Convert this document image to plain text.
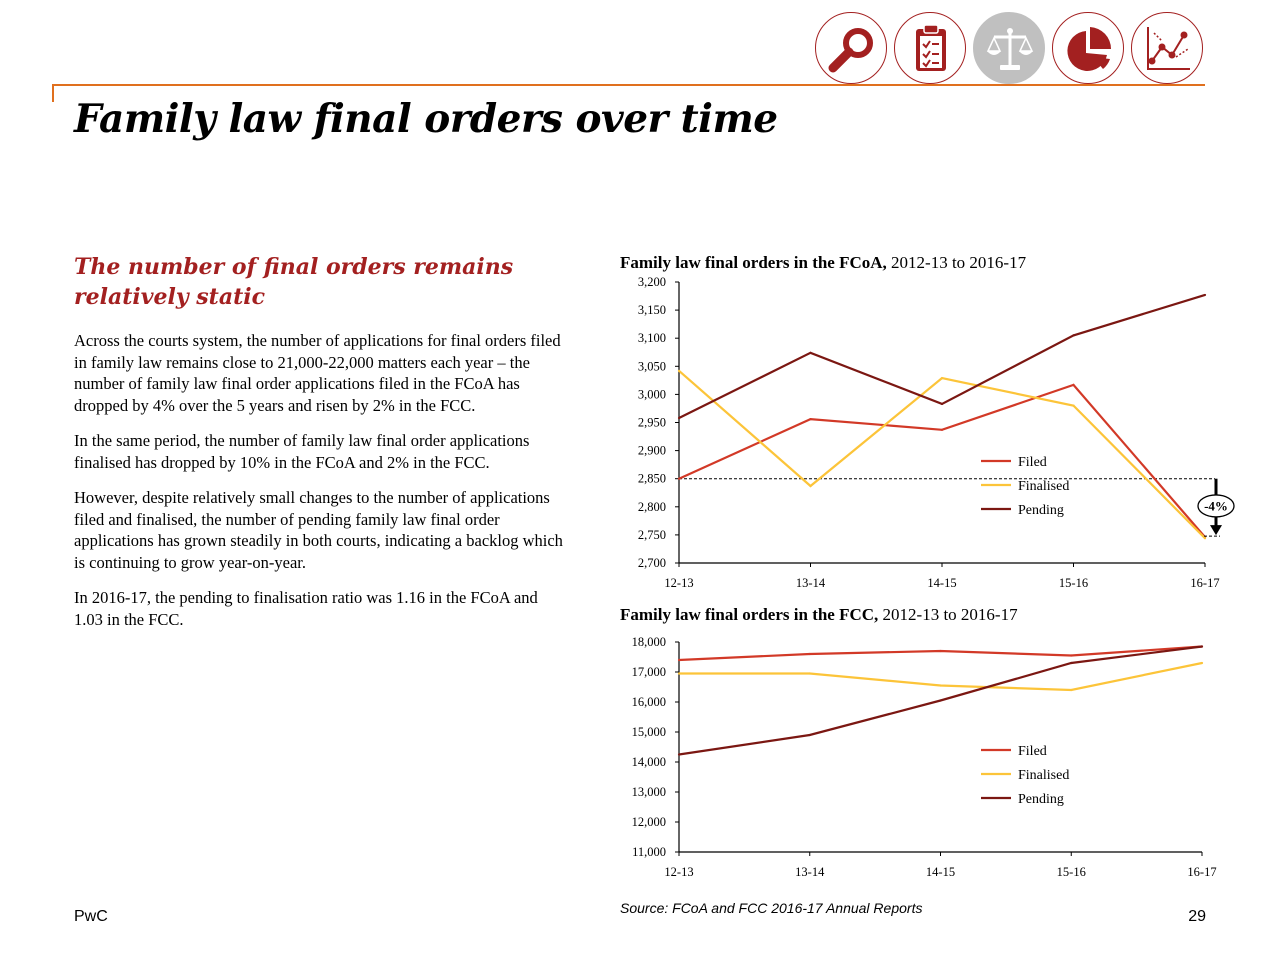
Family law final orders over time
The number of final orders remains relatively static

Across the courts system, the number of applications for final orders filed in family law remains close to 21,000-22,000 matters each year – the number of family law final order applications filed in the FCoA has dropped by 4% over the 5 years and risen by 2% in the FCC.

In the same period, the number of family law final order applications finalised has dropped by 10% in the FCoA and 2% in the FCC.

However, despite relatively small changes to the number of applications filed and finalised, the number of pending family law final order applications has grown steadily in both courts, indicating a backlog which is continuing to grow year-on-year.

In 2016-17, the pending to finalisation ratio was 1.16 in the FCoA and 1.03 in the FCC.

Family law final orders in the FCoA, 2012-13 to 2016-17
2,700
2,750
2,800
2,850
2,900
2,950
3,000
3,050
3,100
3,150
3,200
12-13	13-14	14-15	15-16	16-17
-4%
Filed
Finalised
Pending
Family law final orders in the FCC, 2012-13 to 2016-17
11,000
12,000
13,000
14,000
15,000
16,000
17,000
18,000
12-13	13-14	14-15	15-16	16-17
Filed
Finalised
Pending
Source: FCoA and FCC 2016-17 Annual Reports
PwC	29
